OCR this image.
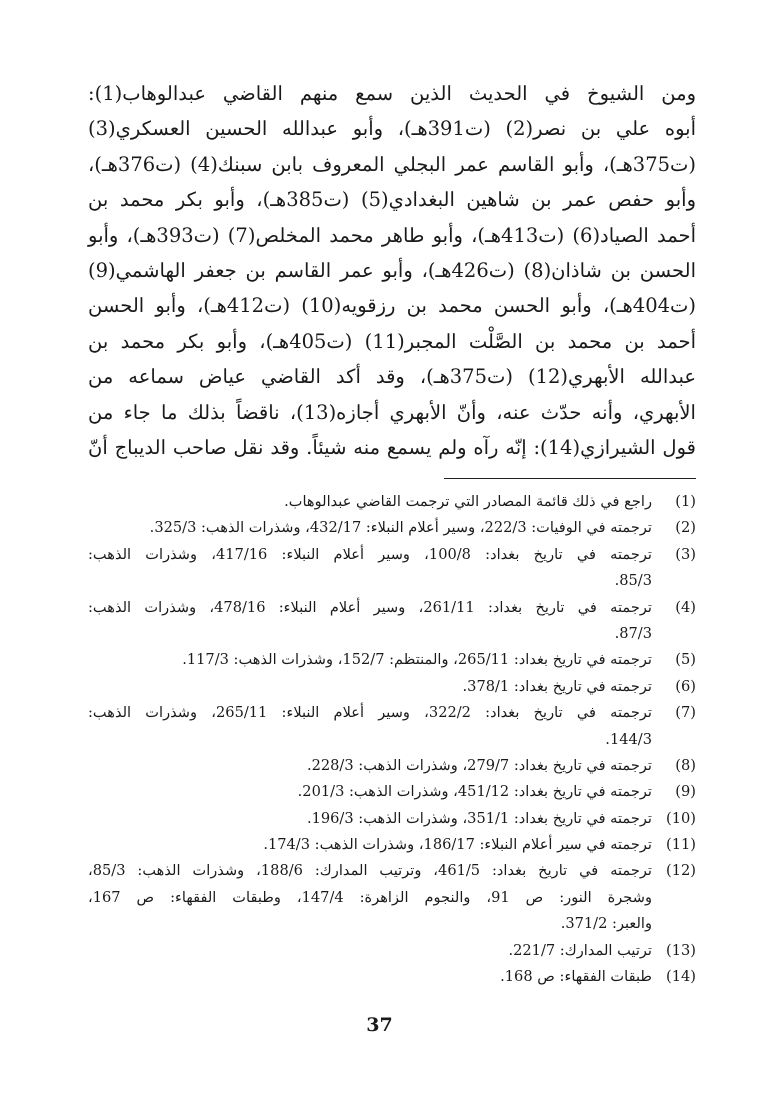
ومن الشيوخ في الحديث الذين سمع منهم القاضي عبدالوهاب(1):
أبوه علي بن نصر(2) (ت391هـ)، وأبو عبدالله الحسين العسكري(3)
(ت375هـ)، وأبو القاسم عمر البجلي المعروف بابن سبنك(4) (ت376هـ)،
وأبو حفص عمر بن شاهين البغدادي(5) (ت385هـ)، وأبو بكر محمد بن
أحمد الصياد(6) (ت413هـ)، وأبو طاهر محمد المخلص(7) (ت393هـ)، وأبو
الحسن بن شاذان(8) (ت426هـ)، وأبو عمر القاسم بن جعفر الهاشمي(9)
(ت404هـ)، وأبو الحسن محمد بن رزقويه(10) (ت412هـ)، وأبو الحسن
أحمد بن محمد بن الصَّلْت المجبر(11) (ت405هـ)، وأبو بكر محمد بن
عبدالله الأبهري(12) (ت375هـ)، وقد أكد القاضي عياض سماعه من
الأبهري، وأنه حدّث عنه، وأنّ الأبهري أجازه(13)، ناقضاً بذلك ما جاء من
قول الشيرازي(14): إنّه رآه ولم يسمع منه شيئاً. وقد نقل صاحب الديباج أنّ
(1)
راجع في ذلك قائمة المصادر التي ترجمت القاضي عبدالوهاب.
(2)
ترجمته في الوفيات: 222/3، وسير أعلام النبلاء: 432/17، وشذرات الذهب: 325/3.
(3)
ترجمته في تاريخ بغداد: 100/8، وسير أعلام النبلاء: 417/16، وشذرات الذهب:
85/3.
(4)
ترجمته في تاريخ بغداد: 261/11، وسير أعلام النبلاء: 478/16، وشذرات الذهب:
87/3.
(5)
ترجمته في تاريخ بغداد: 265/11، والمنتظم: 152/7، وشذرات الذهب: 117/3.
(6)
ترجمته في تاريخ بغداد: 378/1.
(7)
ترجمته في تاريخ بغداد: 322/2، وسير أعلام النبلاء: 265/11، وشذرات الذهب:
144/3.
(8)
ترجمته في تاريخ بغداد: 279/7، وشذرات الذهب: 228/3.
(9)
ترجمته في تاريخ بغداد: 451/12، وشذرات الذهب: 201/3.
(10)
ترجمته في تاريخ بغداد: 351/1، وشذرات الذهب: 196/3.
(11)
ترجمته في سير أعلام النبلاء: 186/17، وشذرات الذهب: 174/3.
(12)
ترجمته في تاريخ بغداد: 461/5، وترتيب المدارك: 188/6، وشذرات الذهب: 85/3،
وشجرة النور: ص 91، والنجوم الزاهرة: 147/4، وطبقات الفقهاء: ص 167،
والعبر: 371/2.
(13)
ترتيب المدارك: 221/7.
(14)
طبقات الفقهاء: ص 168.
37
